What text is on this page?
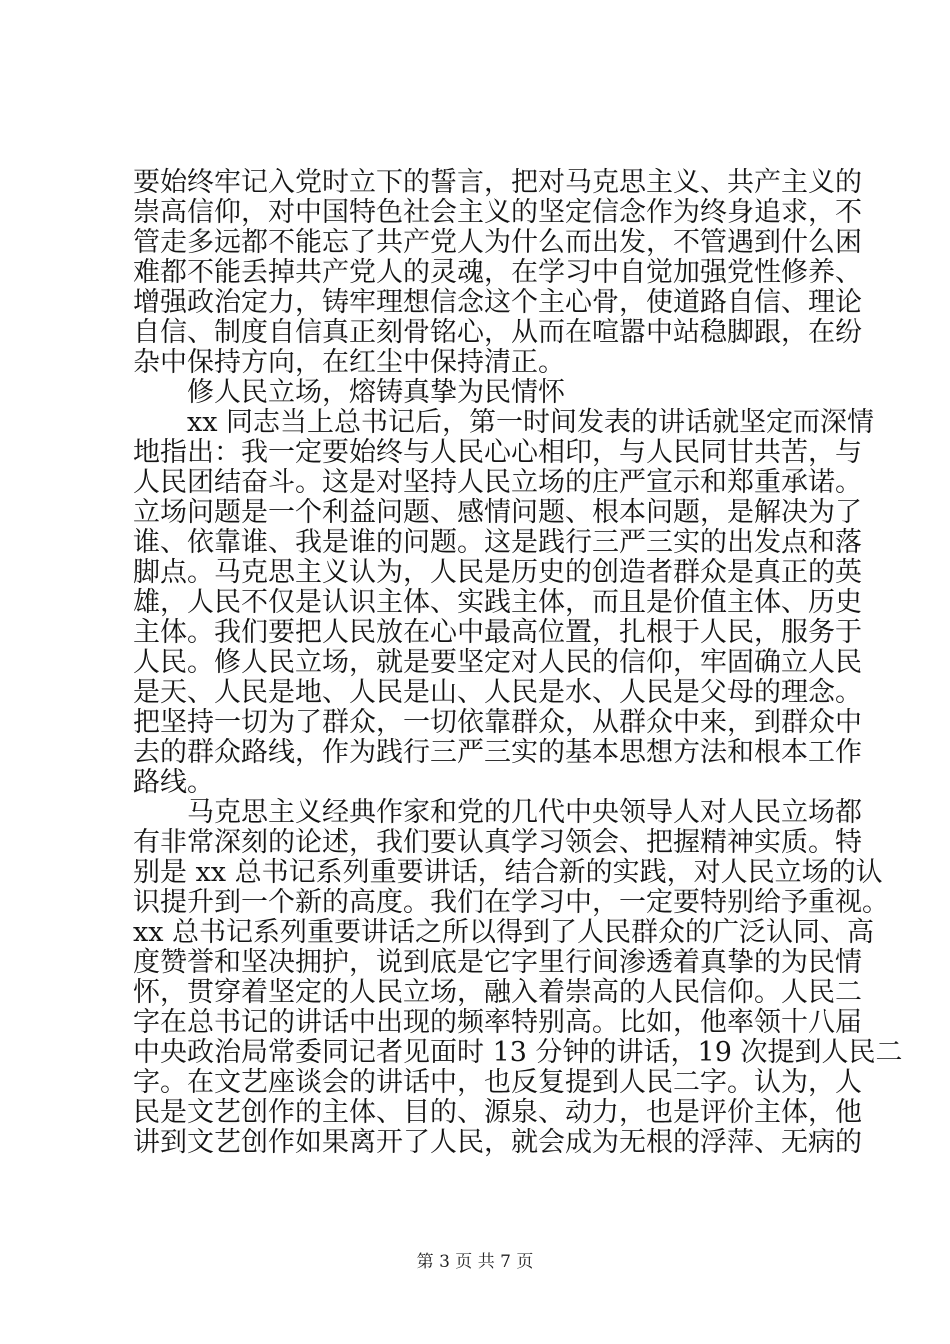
要始终牢记入党时立下的誓言，把对马克思主义、共产主义的
崇高信仰，对中国特色社会主义的坚定信念作为终身追求，不
管走多远都不能忘了共产党人为什么而出发，不管遇到什么困
难都不能丢掉共产党人的灵魂，在学习中自觉加强党性修养、
增强政治定力，铸牢理想信念这个主心骨，使道路自信、理论
自信、制度自信真正刻骨铭心，从而在喧嚣中站稳脚跟，在纷
杂中保持方向，在红尘中保持清正。
修人民立场，熔铸真挚为民情怀
xx 同志当上总书记后，第一时间发表的讲话就坚定而深情
地指出：我一定要始终与人民心心相印，与人民同甘共苦，与
人民团结奋斗。这是对坚持人民立场的庄严宣示和郑重承诺。
立场问题是一个利益问题、感情问题、根本问题，是解决为了
谁、依靠谁、我是谁的问题。这是践行三严三实的出发点和落
脚点。马克思主义认为，人民是历史的创造者群众是真正的英
雄，人民不仅是认识主体、实践主体，而且是价值主体、历史
主体。我们要把人民放在心中最高位置，扎根于人民，服务于
人民。修人民立场，就是要坚定对人民的信仰，牢固确立人民
是天、人民是地、人民是山、人民是水、人民是父母的理念。
把坚持一切为了群众，一切依靠群众，从群众中来，到群众中
去的群众路线，作为践行三严三实的基本思想方法和根本工作
路线。
马克思主义经典作家和党的几代中央领导人对人民立场都
有非常深刻的论述，我们要认真学习领会、把握精神实质。特
别是 xx 总书记系列重要讲话，结合新的实践，对人民立场的认
识提升到一个新的高度。我们在学习中，一定要特别给予重视。
xx 总书记系列重要讲话之所以得到了人民群众的广泛认同、高
度赞誉和坚决拥护，说到底是它字里行间渗透着真挚的为民情
怀，贯穿着坚定的人民立场，融入着崇高的人民信仰。人民二
字在总书记的讲话中出现的频率特别高。比如，他率领十八届
中央政治局常委同记者见面时 13 分钟的讲话，19 次提到人民二
字。在文艺座谈会的讲话中，也反复提到人民二字。认为，人
民是文艺创作的主体、目的、源泉、动力，也是评价主体，他
讲到文艺创作如果离开了人民，就会成为无根的浮萍、无病的
第 3 页 共 7 页
